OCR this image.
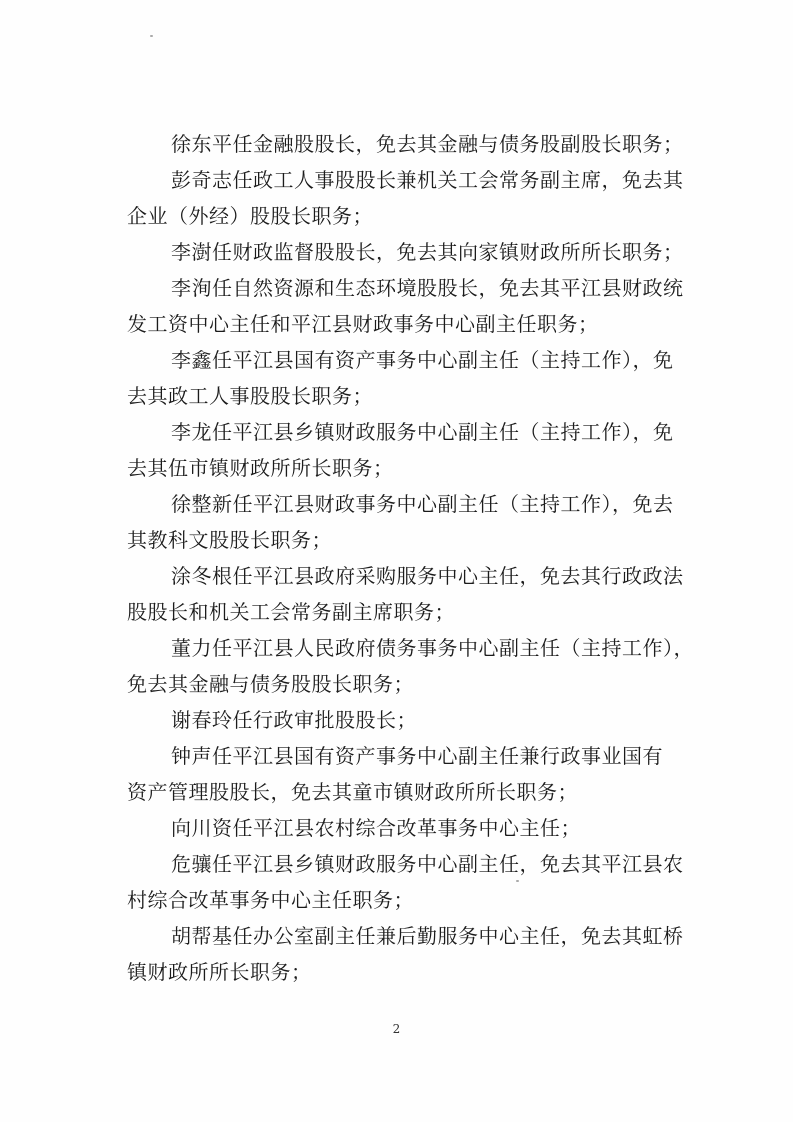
徐东平任金融股股长，免去其金融与债务股副股长职务；
彭奇志任政工人事股股长兼机关工会常务副主席，免去其
企业（外经）股股长职务；
李澍任财政监督股股长，免去其向家镇财政所所长职务；
李洵任自然资源和生态环境股股长，免去其平江县财政统
发工资中心主任和平江县财政事务中心副主任职务；
李鑫任平江县国有资产事务中心副主任（主持工作），免
去其政工人事股股长职务；
李龙任平江县乡镇财政服务中心副主任（主持工作），免
去其伍市镇财政所所长职务；
徐整新任平江县财政事务中心副主任（主持工作），免去
其教科文股股长职务；
涂冬根任平江县政府采购服务中心主任，免去其行政政法
股股长和机关工会常务副主席职务；
董力任平江县人民政府债务事务中心副主任（主持工作），
免去其金融与债务股股长职务；
谢春玲任行政审批股股长；
钟声任平江县国有资产事务中心副主任兼行政事业国有
资产管理股股长，免去其童市镇财政所所长职务；
向川资任平江县农村综合改革事务中心主任；
危骧任平江县乡镇财政服务中心副主任，免去其平江县农
村综合改革事务中心主任职务；
胡帮基任办公室副主任兼后勤服务中心主任，免去其虹桥
镇财政所所长职务；
2
